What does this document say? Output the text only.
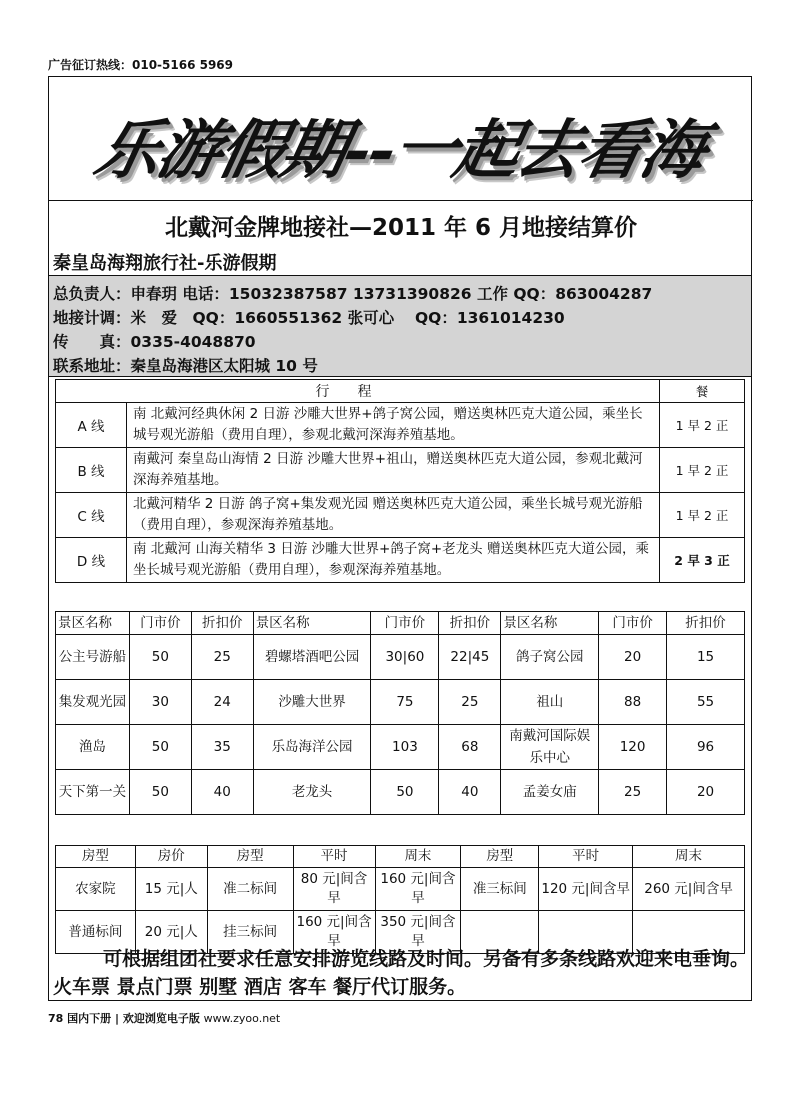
广告征订热线：010-5166 5969
乐游假期--一起去看海
北戴河金牌地接社—2011 年 6 月地接结算价
秦皇岛海翔旅行社-乐游假期
总负责人：申春玥 电话：15032387587 13731390826 工作 QQ：863004287
地接计调：米　爱　QQ：1660551362 张可心　 QQ：1361014230
传　　真：0335-4048870
联系地址：秦皇岛海港区太阳城 10 号
行程		餐
A 线	南 北戴河经典休闲 2 日游 沙雕大世界+鸽子窝公园，赠送奥林匹克大道公园，乘坐长城号观光游船（费用自理），参观北戴河深海养殖基地。	1 早 2 正
B 线	南戴河 秦皇岛山海情 2 日游 沙雕大世界+祖山，赠送奥林匹克大道公园，参观北戴河深海养殖基地。	1 早 2 正
C 线	北戴河精华 2 日游 鸽子窝+集发观光园 赠送奥林匹克大道公园，乘坐长城号观光游船（费用自理），参观深海养殖基地。	1 早 2 正
D 线	南 北戴河 山海关精华 3 日游 沙雕大世界+鸽子窝+老龙头 赠送奥林匹克大道公园，乘坐长城号观光游船（费用自理），参观深海养殖基地。	2 早 3 正
景区名称	门市价	折扣价	景区名称	门市价	折扣价	景区名称	门市价	折扣价
公主号游船	50	25	碧螺塔酒吧公园	30|60	22|45	鸽子窝公园	20	15
集发观光园	30	24	沙雕大世界	75	25	祖山	88	55
渔岛	50	35	乐岛海洋公园	103	68	南戴河国际娱乐中心	120	96
天下第一关	50	40	老龙头	50	40	孟姜女庙	25	20
房型	房价	房型	平时	周末	房型	平时	周末
农家院	15 元|人	准二标间	80 元|间含早	160 元|间含早	准三标间	120 元|间含早	260 元|间含早
普通标间	20 元|人	挂三标间	160 元|间含早	350 元|间含早			
可根据组团社要求任意安排游览线路及时间。另备有多条线路欢迎来电垂询。火车票 景点门票 别墅 酒店 客车 餐厅代订服务。
78 国内下册 | 欢迎浏览电子版 www.zyoo.net
